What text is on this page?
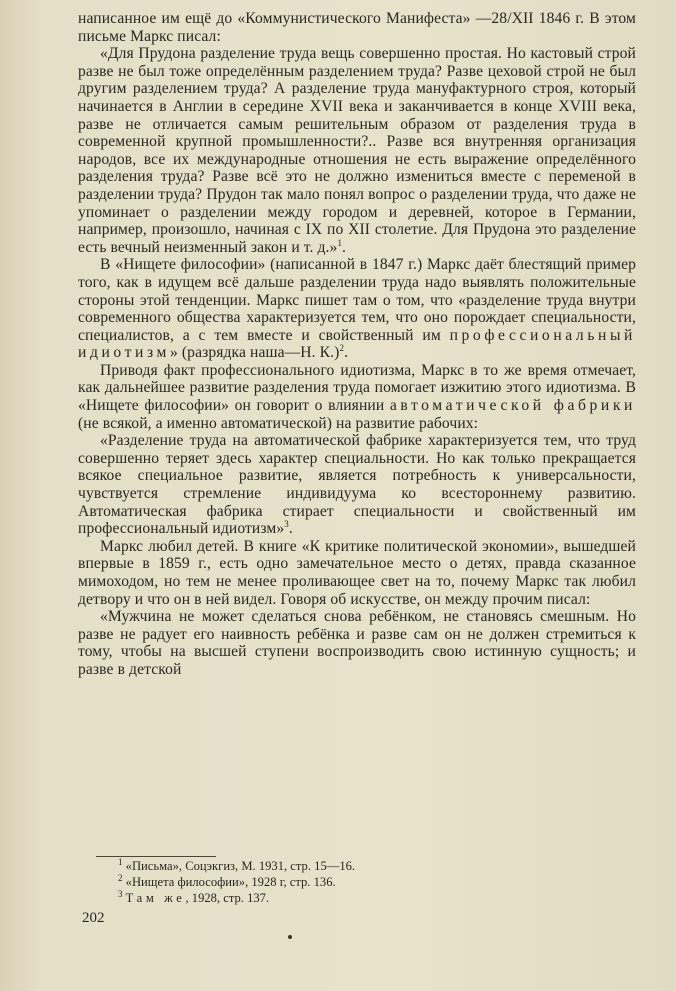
написанное им ещё до «Коммунистического Манифеста» —28/XII 1846 г. В этом письме Маркс писал:

«Для Прудона разделение труда вещь совершенно простая. Но кастовый строй разве не был тоже определённым разделением труда? Разве цеховой строй не был другим разделением труда? А разделение труда мануфактурного строя, который начинается в Англии в середине XVII века и заканчивается в конце XVIII века, разве не отличается самым решительным образом от разделения труда в современной крупной промышленности?.. Разве вся внутренняя организация народов, все их международные отношения не есть выражение определённого разделения труда? Разве всё это не должно измениться вместе с переменой в разделении труда? Прудон так мало понял вопрос о разделении труда, что даже не упоминает о разделении между городом и деревней, которое в Германии, например, произошло, начиная с IX по XII столетие. Для Прудона это разделение есть вечный неизменный закон и т. д.»$^1$.

В «Нищете философии» (написанной в 1847 г.) Маркс даёт блестящий пример того, как в идущем всё дальше разделении труда надо выявлять положительные стороны этой тенденции. Маркс пишет там о том, что «разделение труда внутри современного общества характеризуется тем, что оно порождает специальности, специалистов, а с тем вместе и свойственный им профессиональный идиотизм» (разрядка наша—Н. К.)$^2$.

Приводя факт профессионального идиотизма, Маркс в то же время отмечает, как дальнейшее развитие разделения труда помогает изжитию этого идиотизма. В «Нищете философии» он говорит о влиянии автоматической фабрики (не всякой, а именно автоматической) на развитие рабочих:

«Разделение труда на автоматической фабрике характеризуется тем, что труд совершенно теряет здесь характер специальности. Но как только прекращается всякое специальное развитие, является потребность к универсальности, чувствуется стремление индивидуума ко всестороннему развитию. Автоматическая фабрика стирает специальности и свойственный им профессиональный идиотизм»$^3$.

Маркс любил детей. В книге «К критике политической экономии», вышедшей впервые в 1859 г., есть одно замечательное место о детях, правда сказанное мимоходом, но тем не менее проливающее свет на то, почему Маркс так любил детвору и что он в ней видел. Говоря об искусстве, он между прочим писал:

«Мужчина не может сделаться снова ребёнком, не становясь смешным. Но разве не радует его наивность ребёнка и разве сам он не должен стремиться к тому, чтобы на высшей ступени воспроизводить свою истинную сущность; и разве в детской

$^1$ «Письма», Соцэкгиз, М. 1931, стр. 15—16.
$^2$ «Нищета философии», 1928 г, стр. 136.
$^3$ Там же, 1928, стр. 137.
202
